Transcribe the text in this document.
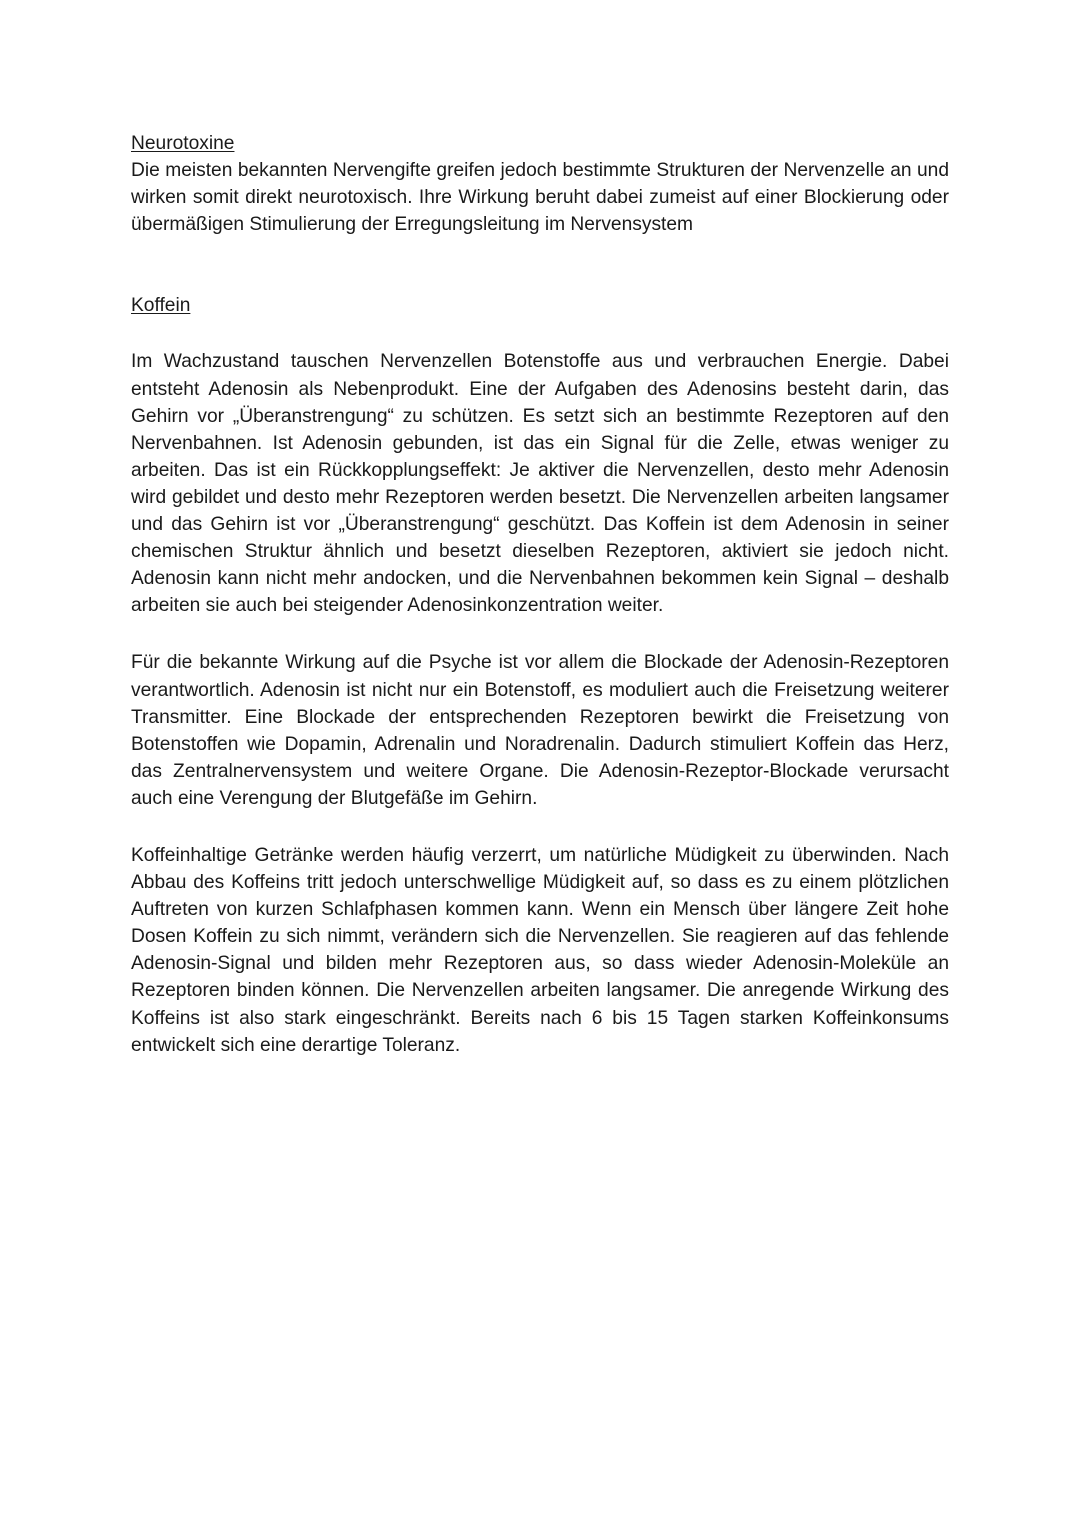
Neurotoxine

Die meisten bekannten Nervengifte greifen jedoch bestimmte Strukturen der Nervenzelle an und wirken somit direkt neurotoxisch. Ihre Wirkung beruht dabei zumeist auf einer Blockierung oder übermäßigen Stimulierung der Erregungsleitung im Nervensystem

Koffein

Im Wachzustand tauschen Nervenzellen Botenstoffe aus und verbrauchen Energie. Dabei entsteht Adenosin als Nebenprodukt. Eine der Aufgaben des Adenosins besteht darin, das Gehirn vor „Überanstrengung“ zu schützen. Es setzt sich an bestimmte Rezeptoren auf den Nervenbahnen. Ist Adenosin gebunden, ist das ein Signal für die Zelle, etwas weniger zu arbeiten. Das ist ein Rückkopplungseffekt: Je aktiver die Nervenzellen, desto mehr Adenosin wird gebildet und desto mehr Rezeptoren werden besetzt. Die Nervenzellen arbeiten langsamer und das Gehirn ist vor „Überanstrengung“ geschützt. Das Koffein ist dem Adenosin in seiner chemischen Struktur ähnlich und besetzt dieselben Rezeptoren, aktiviert sie jedoch nicht. Adenosin kann nicht mehr andocken, und die Nervenbahnen bekommen kein Signal – deshalb arbeiten sie auch bei steigender Adenosinkonzentration weiter.

Für die bekannte Wirkung auf die Psyche ist vor allem die Blockade der Adenosin-Rezeptoren verantwortlich. Adenosin ist nicht nur ein Botenstoff, es moduliert auch die Freisetzung weiterer Transmitter. Eine Blockade der entsprechenden Rezeptoren bewirkt die Freisetzung von Botenstoffen wie Dopamin, Adrenalin und Noradrenalin. Dadurch stimuliert Koffein das Herz, das Zentralnervensystem und weitere Organe. Die Adenosin-Rezeptor-Blockade verursacht auch eine Verengung der Blutgefäße im Gehirn.

Koffeinhaltige Getränke werden häufig verzerrt, um natürliche Müdigkeit zu überwinden. Nach Abbau des Koffeins tritt jedoch unterschwellige Müdigkeit auf, so dass es zu einem plötzlichen Auftreten von kurzen Schlafphasen kommen kann. Wenn ein Mensch über längere Zeit hohe Dosen Koffein zu sich nimmt, verändern sich die Nervenzellen. Sie reagieren auf das fehlende Adenosin-Signal und bilden mehr Rezeptoren aus, so dass wieder Adenosin-Moleküle an Rezeptoren binden können. Die Nervenzellen arbeiten langsamer. Die anregende Wirkung des Koffeins ist also stark eingeschränkt. Bereits nach 6 bis 15 Tagen starken Koffeinkonsums entwickelt sich eine derartige Toleranz.
